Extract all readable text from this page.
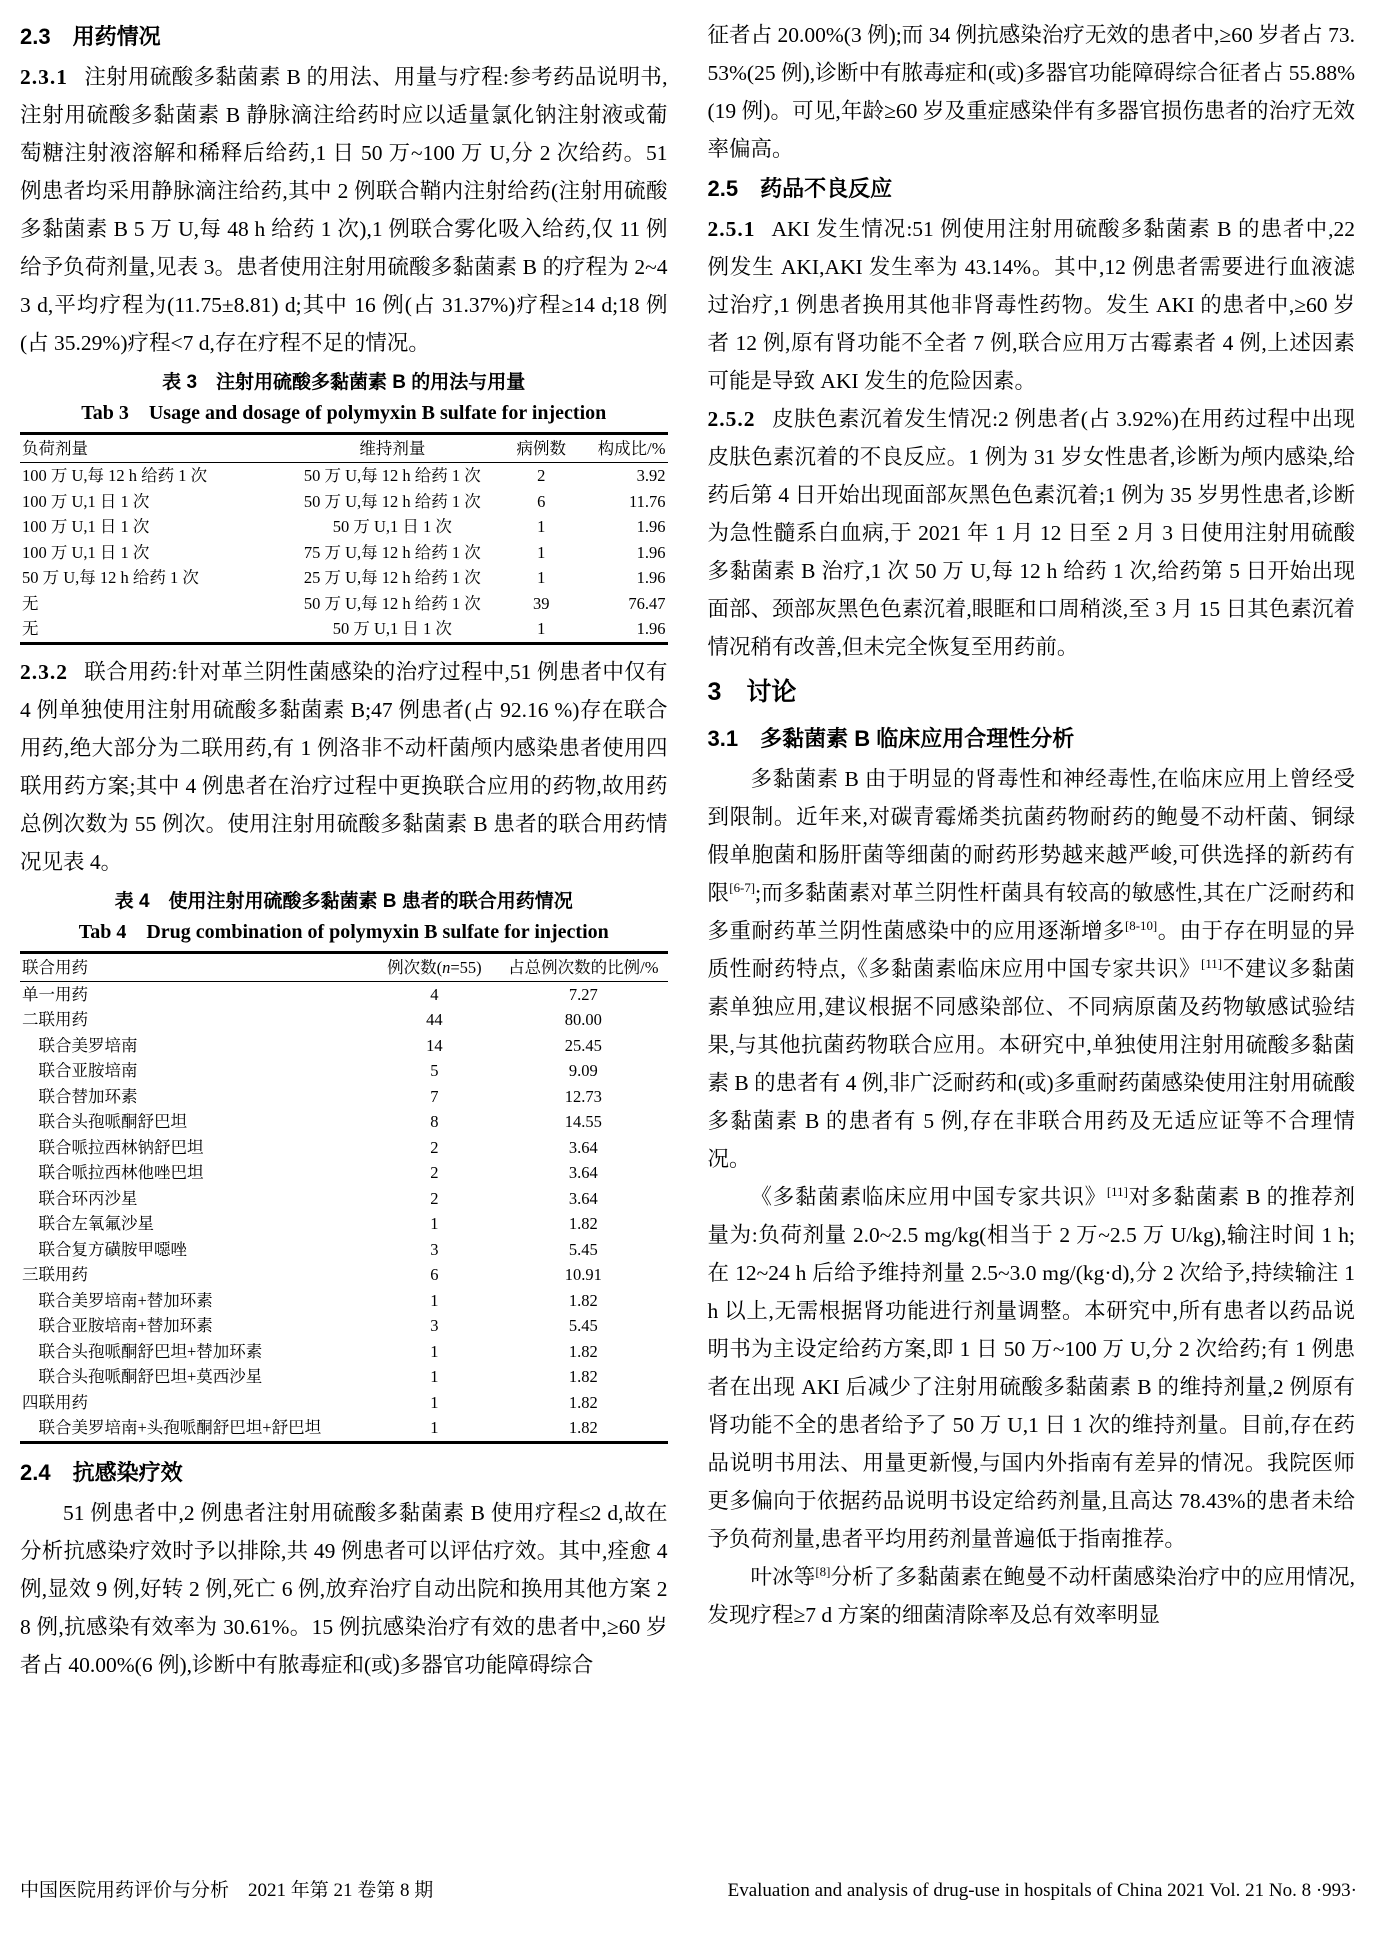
2.3　用药情况

2.3.1 注射用硫酸多黏菌素 B 的用法、用量与疗程:参考药品说明书,注射用硫酸多黏菌素 B 静脉滴注给药时应以适量氯化钠注射液或葡萄糖注射液溶解和稀释后给药,1 日 50 万~100 万 U,分 2 次给药。51 例患者均采用静脉滴注给药,其中 2 例联合鞘内注射给药(注射用硫酸多黏菌素 B 5 万 U,每 48 h 给药 1 次),1 例联合雾化吸入给药,仅 11 例给予负荷剂量,见表 3。患者使用注射用硫酸多黏菌素 B 的疗程为 2~43 d,平均疗程为(11.75±8.81) d;其中 16 例(占 31.37%)疗程≥14 d;18 例(占 35.29%)疗程<7 d,存在疗程不足的情况。

表 3　注射用硫酸多黏菌素 B 的用法与用量

Tab 3　Usage and dosage of polymyxin B sulfate for injection

负荷剂量	维持剂量	病例数	构成比/%
100 万 U,每 12 h 给药 1 次	50 万 U,每 12 h 给药 1 次	2	3.92
100 万 U,1 日 1 次	50 万 U,每 12 h 给药 1 次	6	11.76
100 万 U,1 日 1 次	50 万 U,1 日 1 次	1	1.96
100 万 U,1 日 1 次	75 万 U,每 12 h 给药 1 次	1	1.96
50 万 U,每 12 h 给药 1 次	25 万 U,每 12 h 给药 1 次	1	1.96
无	50 万 U,每 12 h 给药 1 次	39	76.47
无	50 万 U,1 日 1 次	1	1.96

2.3.2 联合用药:针对革兰阴性菌感染的治疗过程中,51 例患者中仅有 4 例单独使用注射用硫酸多黏菌素 B;47 例患者(占 92.16 %)存在联合用药,绝大部分为二联用药,有 1 例洛非不动杆菌颅内感染患者使用四联用药方案;其中 4 例患者在治疗过程中更换联合应用的药物,故用药总例次数为 55 例次。使用注射用硫酸多黏菌素 B 患者的联合用药情况见表 4。

表 4　使用注射用硫酸多黏菌素 B 患者的联合用药情况

Tab 4　Drug combination of polymyxin B sulfate for injection

联合用药	例次数(n=55)	占总例次数的比例/%
单一用药	4	7.27
二联用药	44	80.00
　联合美罗培南	14	25.45
　联合亚胺培南	5	9.09
　联合替加环素	7	12.73
　联合头孢哌酮舒巴坦	8	14.55
　联合哌拉西林钠舒巴坦	2	3.64
　联合哌拉西林他唑巴坦	2	3.64
　联合环丙沙星	2	3.64
　联合左氧氟沙星	1	1.82
　联合复方磺胺甲噁唑	3	5.45
三联用药	6	10.91
　联合美罗培南+替加环素	1	1.82
　联合亚胺培南+替加环素	3	5.45
　联合头孢哌酮舒巴坦+替加环素	1	1.82
　联合头孢哌酮舒巴坦+莫西沙星	1	1.82
四联用药	1	1.82
　联合美罗培南+头孢哌酮舒巴坦+舒巴坦	1	1.82
2.4　抗感染疗效

51 例患者中,2 例患者注射用硫酸多黏菌素 B 使用疗程≤2 d,故在分析抗感染疗效时予以排除,共 49 例患者可以评估疗效。其中,痊愈 4 例,显效 9 例,好转 2 例,死亡 6 例,放弃治疗自动出院和换用其他方案 28 例,抗感染有效率为 30.61%。15 例抗感染治疗有效的患者中,≥60 岁者占 40.00%(6 例),诊断中有脓毒症和(或)多器官功能障碍综合

征者占 20.00%(3 例);而 34 例抗感染治疗无效的患者中,≥60 岁者占 73.53%(25 例),诊断中有脓毒症和(或)多器官功能障碍综合征者占 55.88%(19 例)。可见,年龄≥60 岁及重症感染伴有多器官损伤患者的治疗无效率偏高。

2.5　药品不良反应

2.5.1 AKI 发生情况:51 例使用注射用硫酸多黏菌素 B 的患者中,22 例发生 AKI,AKI 发生率为 43.14%。其中,12 例患者需要进行血液滤过治疗,1 例患者换用其他非肾毒性药物。发生 AKI 的患者中,≥60 岁者 12 例,原有肾功能不全者 7 例,联合应用万古霉素者 4 例,上述因素可能是导致 AKI 发生的危险因素。

2.5.2 皮肤色素沉着发生情况:2 例患者(占 3.92%)在用药过程中出现皮肤色素沉着的不良反应。1 例为 31 岁女性患者,诊断为颅内感染,给药后第 4 日开始出现面部灰黑色色素沉着;1 例为 35 岁男性患者,诊断为急性髓系白血病,于 2021 年 1 月 12 日至 2 月 3 日使用注射用硫酸多黏菌素 B 治疗,1 次 50 万 U,每 12 h 给药 1 次,给药第 5 日开始出现面部、颈部灰黑色色素沉着,眼眶和口周稍淡,至 3 月 15 日其色素沉着情况稍有改善,但未完全恢复至用药前。

3　讨论
3.1　多黏菌素 B 临床应用合理性分析

多黏菌素 B 由于明显的肾毒性和神经毒性,在临床应用上曾经受到限制。近年来,对碳青霉烯类抗菌药物耐药的鲍曼不动杆菌、铜绿假单胞菌和肠肝菌等细菌的耐药形势越来越严峻,可供选择的新药有限[6-7];而多黏菌素对革兰阴性杆菌具有较高的敏感性,其在广泛耐药和多重耐药革兰阴性菌感染中的应用逐渐增多[8-10]。由于存在明显的异质性耐药特点,《多黏菌素临床应用中国专家共识》[11]不建议多黏菌素单独应用,建议根据不同感染部位、不同病原菌及药物敏感试验结果,与其他抗菌药物联合应用。本研究中,单独使用注射用硫酸多黏菌素 B 的患者有 4 例,非广泛耐药和(或)多重耐药菌感染使用注射用硫酸多黏菌素 B 的患者有 5 例,存在非联合用药及无适应证等不合理情况。

《多黏菌素临床应用中国专家共识》[11]对多黏菌素 B 的推荐剂量为:负荷剂量 2.0~2.5 mg/kg(相当于 2 万~2.5 万 U/kg),输注时间 1 h;在 12~24 h 后给予维持剂量 2.5~3.0 mg/(kg·d),分 2 次给予,持续输注 1 h 以上,无需根据肾功能进行剂量调整。本研究中,所有患者以药品说明书为主设定给药方案,即 1 日 50 万~100 万 U,分 2 次给药;有 1 例患者在出现 AKI 后减少了注射用硫酸多黏菌素 B 的维持剂量,2 例原有肾功能不全的患者给予了 50 万 U,1 日 1 次的维持剂量。目前,存在药品说明书用法、用量更新慢,与国内外指南有差异的情况。我院医师更多偏向于依据药品说明书设定给药剂量,且高达 78.43%的患者未给予负荷剂量,患者平均用药剂量普遍低于指南推荐。

叶冰等[8]分析了多黏菌素在鲍曼不动杆菌感染治疗中的应用情况,发现疗程≥7 d 方案的细菌清除率及总有效率明显

中国医院用药评价与分析　2021 年第 21 卷第 8 期	Evaluation and analysis of drug-use in hospitals of China 2021 Vol. 21 No. 8 ·993·
